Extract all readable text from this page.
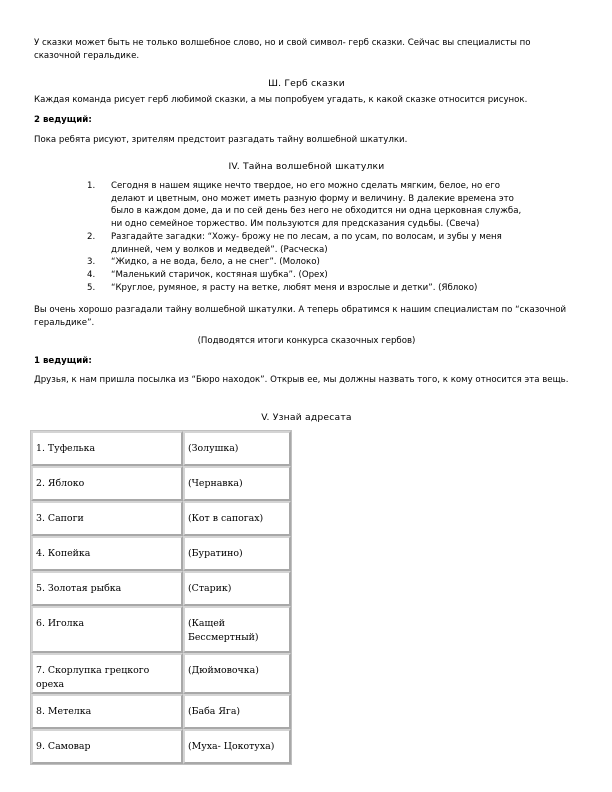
У сказки может быть не только волшебное слово, но и свой символ- герб сказки. Сейчас вы специалисты по сказочной геральдике.

Ш. Герб сказки

Каждая команда рисует герб любимой сказки, а мы попробуем угадать, к какой сказке относится рисунок.

2 ведущий:

Пока ребята рисуют, зрителям предстоит разгадать тайну волшебной шкатулки.

IV. Тайна волшебной шкатулки

1. Сегодня в нашем ящике нечто твердое, но его можно сделать мягким, белое, но его делают и цветным, оно может иметь разную форму и величину. В далекие времена это было в каждом доме, да и по сей день без него не обходится ни одна церковная служба, ни одно семейное торжество. Им пользуются для предсказания судьбы. (Свеча)
2. Разгадайте загадки: “Хожу- брожу не по лесам, а по усам, по волосам, и зубы у меня длинней, чем у волков и медведей”. (Расческа)
3. “Жидко, а не вода, бело, а не снег”. (Молоко)
4. “Маленький старичок, костяная шубка”. (Орех)
5. “Круглое, румяное, я расту на ветке, любят меня и взрослые и детки”. (Яблоко)

Вы очень хорошо разгадали тайну волшебной шкатулки. А теперь обратимся к нашим специалистам по “сказочной геральдике”.

(Подводятся итоги конкурса сказочных гербов)

1 ведущий:

Друзья, к нам пришла посылка из “Бюро находок”. Открыв ее, мы должны назвать того, к кому относится эта вещь.

V. Узнай адресата

1. Туфелька	(Золушка)
2. Яблоко	(Чернавка)
3. Сапоги	(Кот в сапогах)
4. Копейка	(Буратино)
5. Золотая рыбка	(Старик)
6. Иголка	(Кащей Бессмертный)
7. Скорлупка грецкого ореха	(Дюймовочка)
8. Метелка	(Баба Яга)
9. Самовар	(Муха- Цокотуха)
